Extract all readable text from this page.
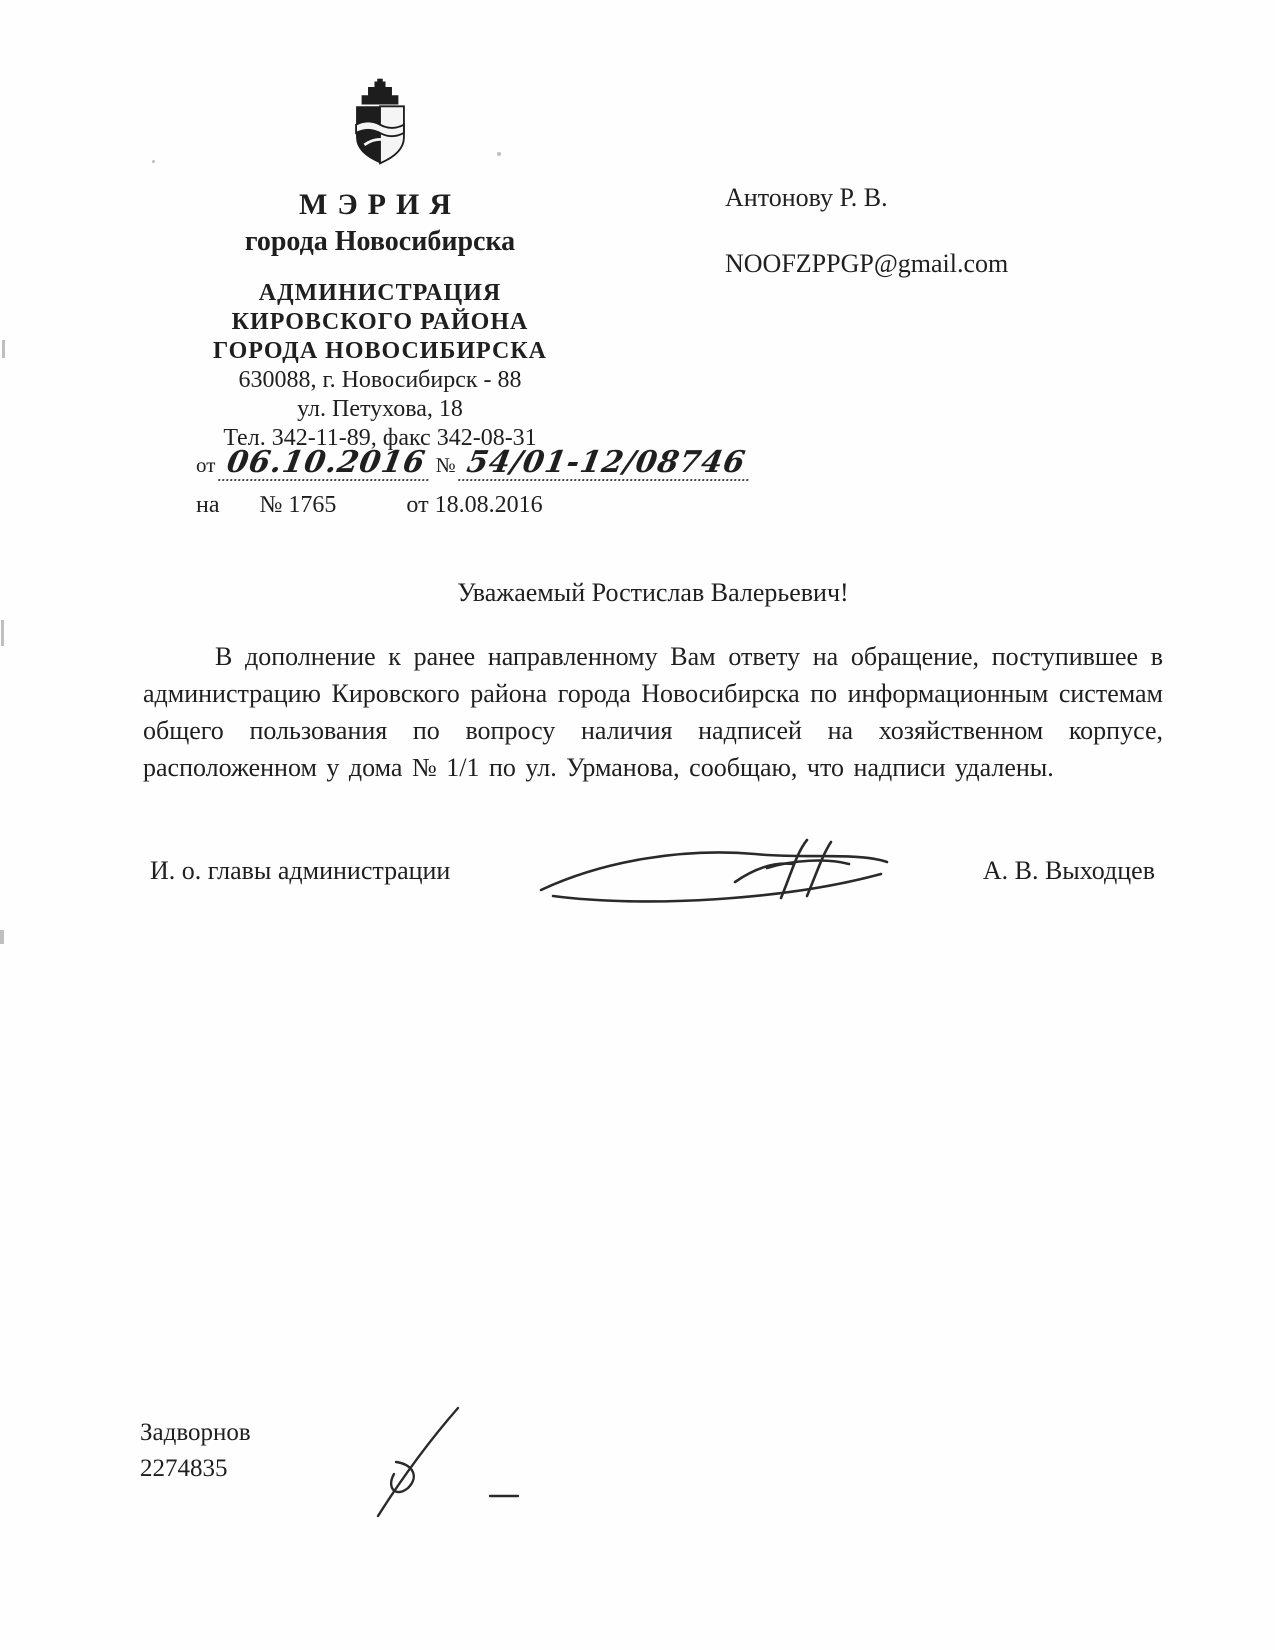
МЭРИЯ
города Новосибирска
АДМИНИСТРАЦИЯ
КИРОВСКОГО РАЙОНА
ГОРОДА НОВОСИБИРСКА
630088, г. Новосибирск - 88
ул. Петухова, 18
Тел. 342-11-89, факс 342-08-31
от 06.10.2016 № 54/01-12/08746
на № 1765	от 18.08.2016
Антонову Р. В.
NOOFZPPGP@gmail.com
Уважаемый Ростислав Валерьевич!
В дополнение к ранее направленному Вам ответу на обращение, поступившее в администрацию Кировского района города Новосибирска по информационным системам общего пользования по вопросу наличия надписей на хозяйственном корпусе, расположенном у дома № 1/1 по ул. Урманова, сообщаю, что надписи удалены.
И. о. главы администрации	А. В. Выходцев
Задворнов
2274835
